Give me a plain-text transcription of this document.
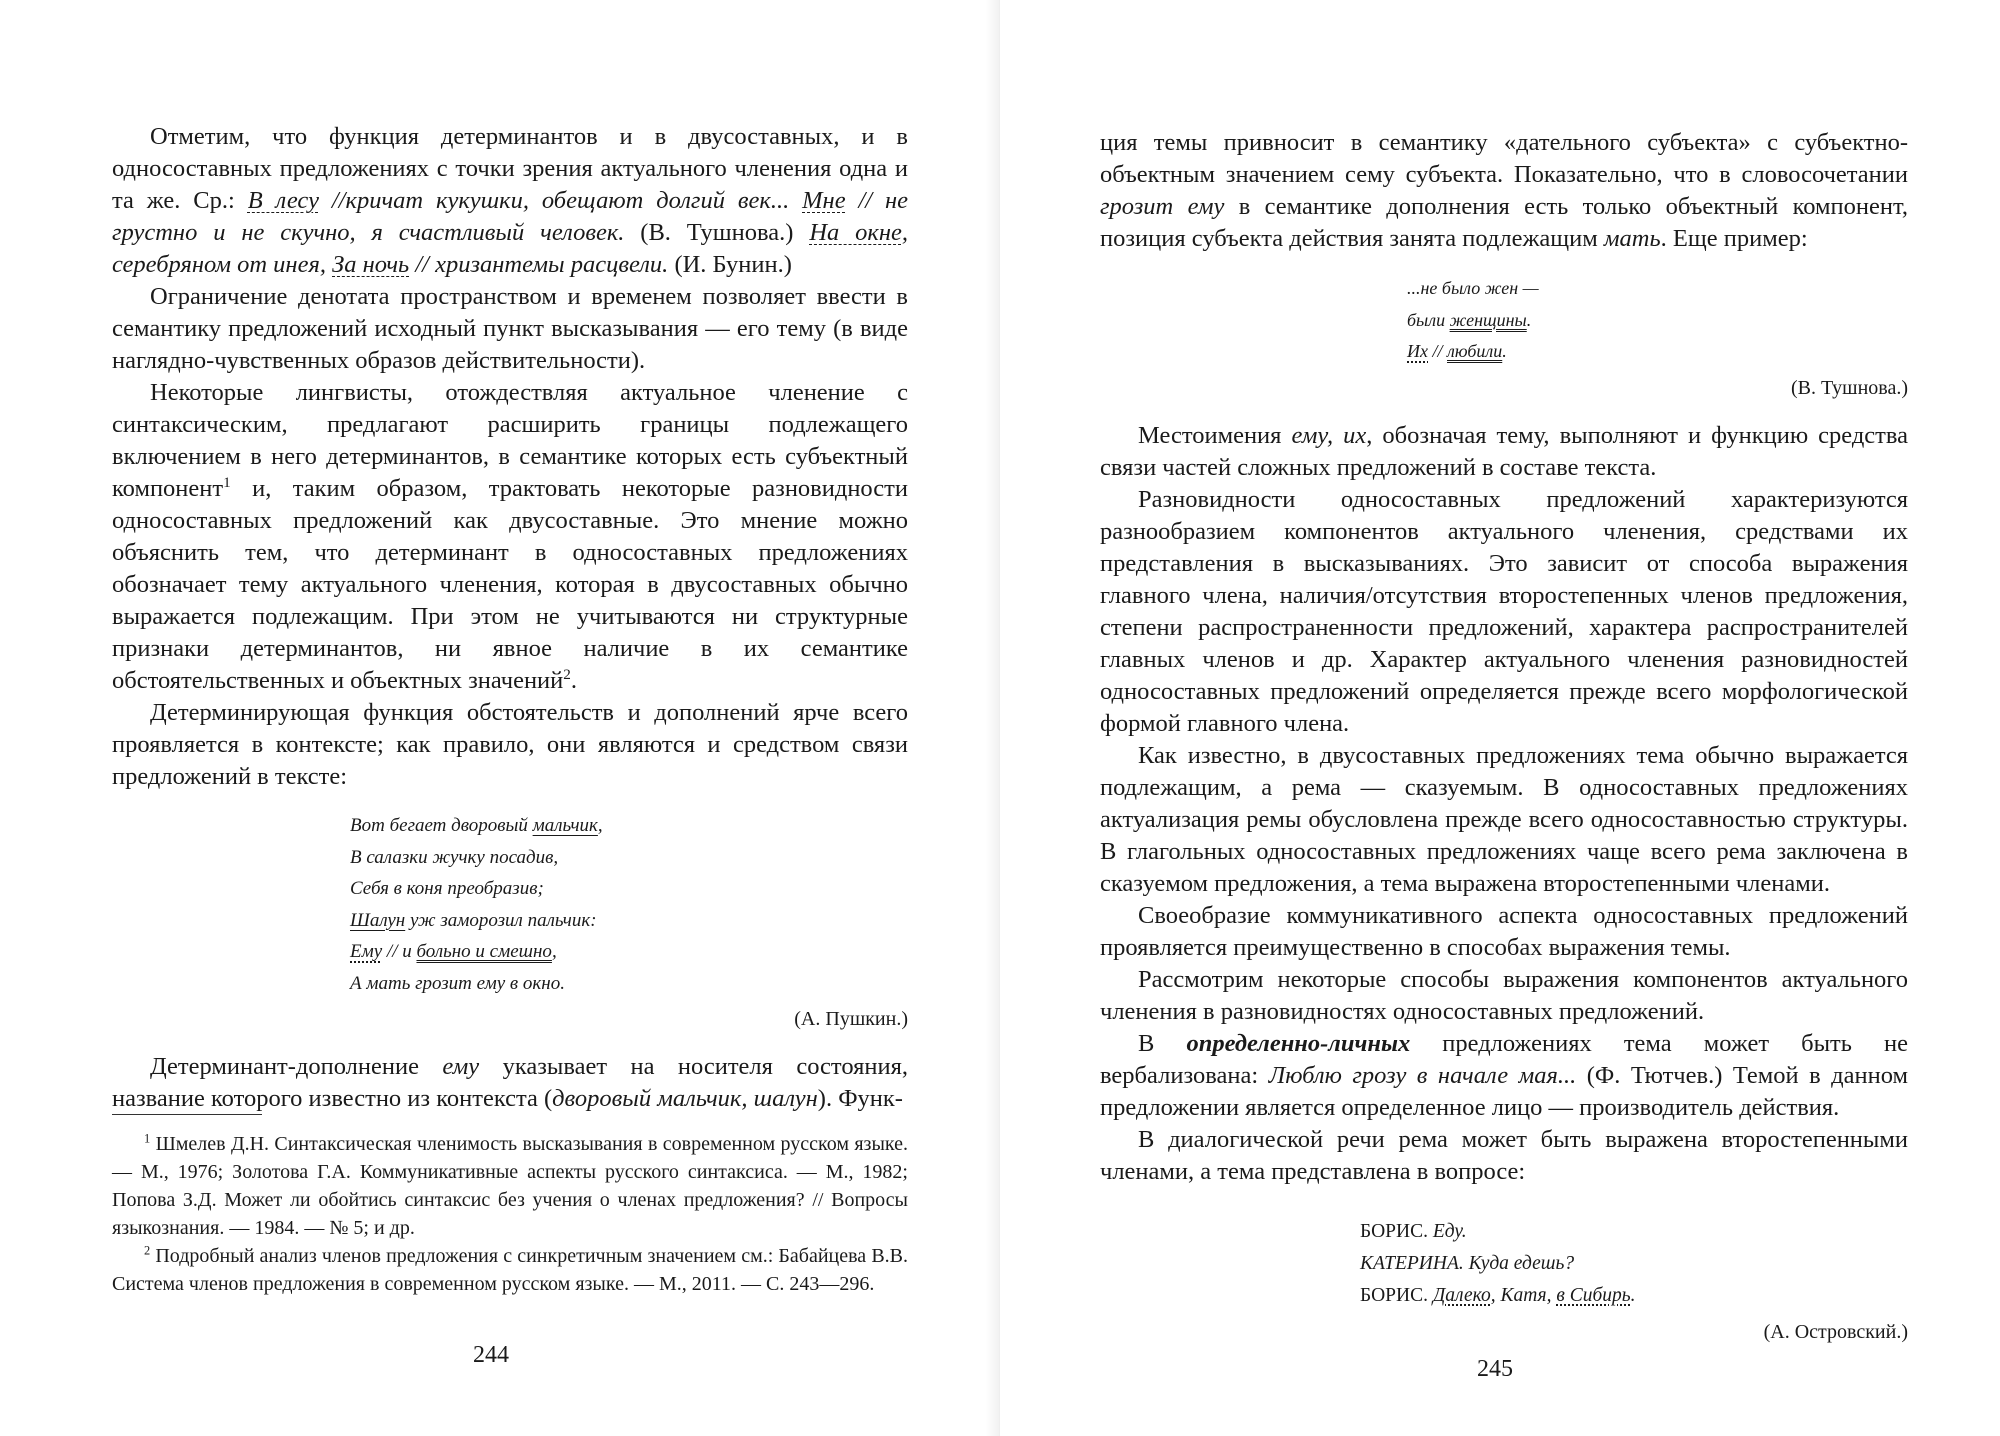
Отметим, что функция детерминантов и в двусоставных, и в односоставных предложениях с точки зрения актуального членения одна и та же. Ср.: В лесу //кричат кукушки, обещают долгий век... Мне // не грустно и не скучно, я счастливый человек. (В. Тушнова.) На окне, серебряном от инея, За ночь // хризантемы расцвели. (И. Бунин.)

Ограничение денотата пространством и временем позволяет ввести в семантику предложений исходный пункт высказывания — его тему (в виде наглядно-чувственных образов действительности).

Некоторые лингвисты, отождествляя актуальное членение с синтаксическим, предлагают расширить границы подлежащего включением в него детерминантов, в семантике которых есть субъектный компонент$^1$ и, таким образом, трактовать некоторые разновидности односоставных предложений как двусоставные. Это мнение можно объяснить тем, что детерминант в односоставных предложениях обозначает тему актуального членения, которая в двусоставных обычно выражается подлежащим. При этом не учитываются ни структурные признаки детерминантов, ни явное наличие в их семантике обстоятельственных и объектных значений$^2$.

Детерминирующая функция обстоятельств и дополнений ярче всего проявляется в контексте; как правило, они являются и средством связи предложений в тексте:

Вот бегает дворовый мальчик,
В салазки жучку посадив,
Себя в коня преобразив;
Шалун уж заморозил пальчик:
Ему // и больно и смешно,
А мать грозит ему в окно.
(А. Пушкин.)

Детерминант-дополнение ему указывает на носителя состояния, название которого известно из контекста (дворовый мальчик, шалун). Функ-

$^1$ Шмелев Д.Н. Синтаксическая членимость высказывания в современном русском языке. — М., 1976; Золотова Г.А. Коммуникативные аспекты русского синтаксиса. — М., 1982; Попова З.Д. Может ли обойтись синтаксис без учения о членах предложения? // Вопросы языкознания. — 1984. — № 5; и др.

$^2$ Подробный анализ членов предложения с синкретичным значением см.: Бабайцева В.В. Система членов предложения в современном русском языке. — М., 2011. — С. 243—296.

244

ция темы привносит в семантику «дательного субъекта» с субъектно-объектным значением сему субъекта. Показательно, что в словосочетании грозит ему в семантике дополнения есть только объектный компонент, позиция субъекта действия занята подлежащим мать. Еще пример:

...не было жен —
были женщины.
Их // любили.
(В. Тушнова.)

Местоимения ему, их, обозначая тему, выполняют и функцию средства связи частей сложных предложений в составе текста.

Разновидности односоставных предложений характеризуются разнообразием компонентов актуального членения, средствами их представления в высказываниях. Это зависит от способа выражения главного члена, наличия/отсутствия второстепенных членов предложения, степени распространенности предложений, характера распространителей главных членов и др. Характер актуального членения разновидностей односоставных предложений определяется прежде всего морфологической формой главного члена.

Как известно, в двусоставных предложениях тема обычно выражается подлежащим, а рема — сказуемым. В односоставных предложениях актуализация ремы обусловлена прежде всего односоставностью структуры. В глагольных односоставных предложениях чаще всего рема заключена в сказуемом предложения, а тема выражена второстепенными членами.

Своеобразие коммуникативного аспекта односоставных предложений проявляется преимущественно в способах выражения темы.

Рассмотрим некоторые способы выражения компонентов актуального членения в разновидностях односоставных предложений.

В определенно-личных предложениях тема может быть не вербализована: Люблю грозу в начале мая... (Ф. Тютчев.) Темой в данном предложении является определенное лицо — производитель действия.

В диалогической речи рема может быть выражена второстепенными членами, а тема представлена в вопросе:

БОРИС. Еду.
КАТЕРИНА. Куда едешь?
БОРИС. Далеко, Катя, в Сибирь.
(А. Островский.)
245
